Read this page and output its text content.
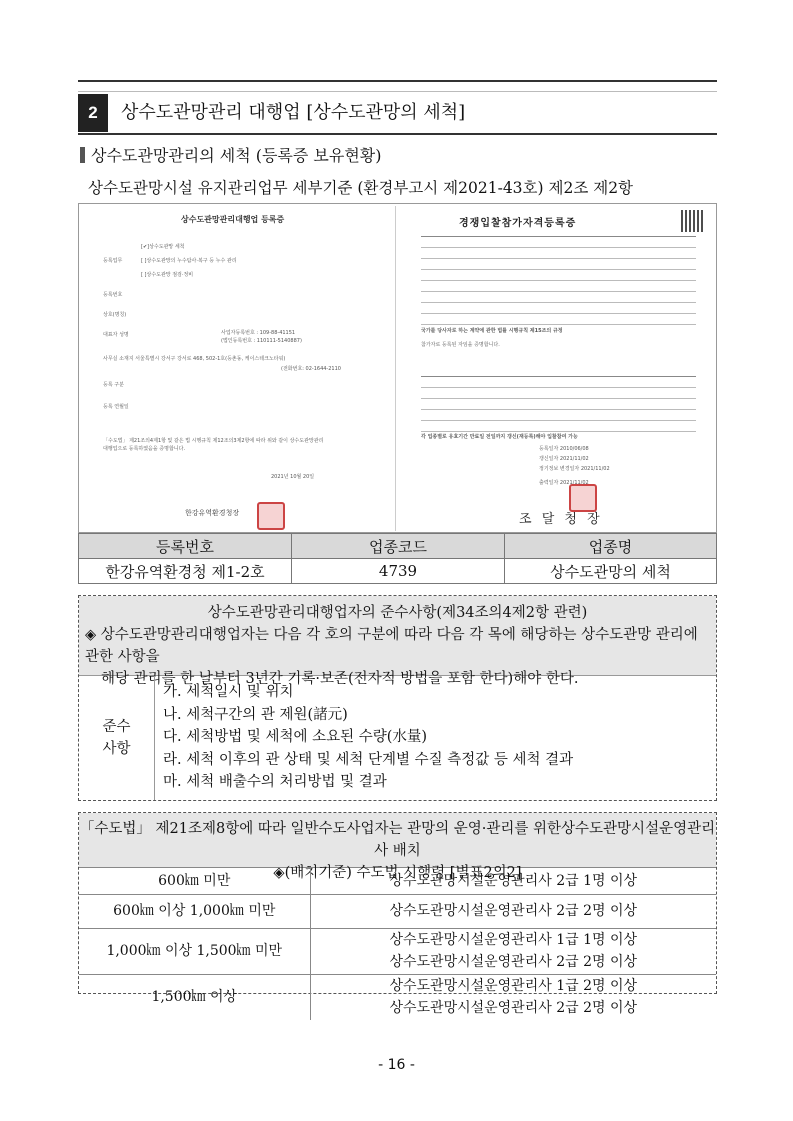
2	상수도관망관리 대행업 [상수도관망의 세척]
상수도관망관리의 세척 (등록증 보유현황)
상수도관망시설 유지관리업무 세부기준 (환경부고시 제2021-43호) 제2조 제2항
상수도관망관리대행업 등록증
[✔]상수도관망 세척
등록업무	[ ]상수도관망의 누수탐사·복구 등 누수 관리
[ ]상수도관망 점검·정비
등록번호
상호(명칭)
대표자 성명	사업자등록번호 : 109-88-41151
(법인등록번호 : 110111-5140887)
사무실 소재지 서울특별시 강서구 강서로 468, 502-1호(등촌동, 케이스테크노타워)
(전화번호: 02-1644-2110
등록 구분
등록 연월일
「수도법」 제21조의4제1항 및 같은 법 시행규칙 제12조의3제2항에 따라 위와 같이 상수도관망관리
대행업으로 등록하였음을 증명합니다.
2021년 10월 20일
한강유역환경청장
경쟁입찰참가자격등록증
국가를 당사자로 하는 계약에 관한 법률 시행규칙 제15조의 규정
참가자로 등록된 자임을 증명합니다.
각 업종별로 유효기간 만료일 전일까지 갱신(재등록)해야 입찰참여 가능
등록일자 2010/06/08
갱신일자 2021/11/02
정기정보 변경일자 2021/11/02
출력일자 2021/11/02
조 달 청 장
등록번호	업종코드	업종명
한강유역환경청 제1-2호	4739	상수도관망의 세척
상수도관망관리대행업자의 준수사항(제34조의4제2항 관련)
◈ 상수도관망관리대행업자는 다음 각 호의 구분에 따라 다음 각 목에 해당하는 상수도관망 관리에 관한 사항을
해당 관리를 한 날부터 3년간 기록·보존(전자적 방법을 포함 한다)해야 한다.
준수
사항
가. 세척일시 및 위치
나. 세척구간의 관 제원(諸元)
다. 세척방법 및 세척에 소요된 수량(水量)
라. 세척 이후의 관 상태 및 세척 단계별 수질 측정값 등 세척 결과
마. 세척 배출수의 처리방법 및 결과
「수도법」 제21조제8항에 따라 일반수도사업자는 관망의 운영·관리를 위한상수도관망시설운영관리사 배치
◈(배치기준) 수도법 시행령 [별표2의2]
600㎞ 미만	상수도관망시설운영관리사 2급 1명 이상
600㎞ 이상 1,000㎞ 미만	상수도관망시설운영관리사 2급 2명 이상
1,000㎞ 이상 1,500㎞ 미만	상수도관망시설운영관리사 1급 1명 이상
상수도관망시설운영관리사 2급 2명 이상

1,500㎞ 이상	상수도관망시설운영관리사 1급 2명 이상
상수도관망시설운영관리사 2급 2명 이상
- 16 -
